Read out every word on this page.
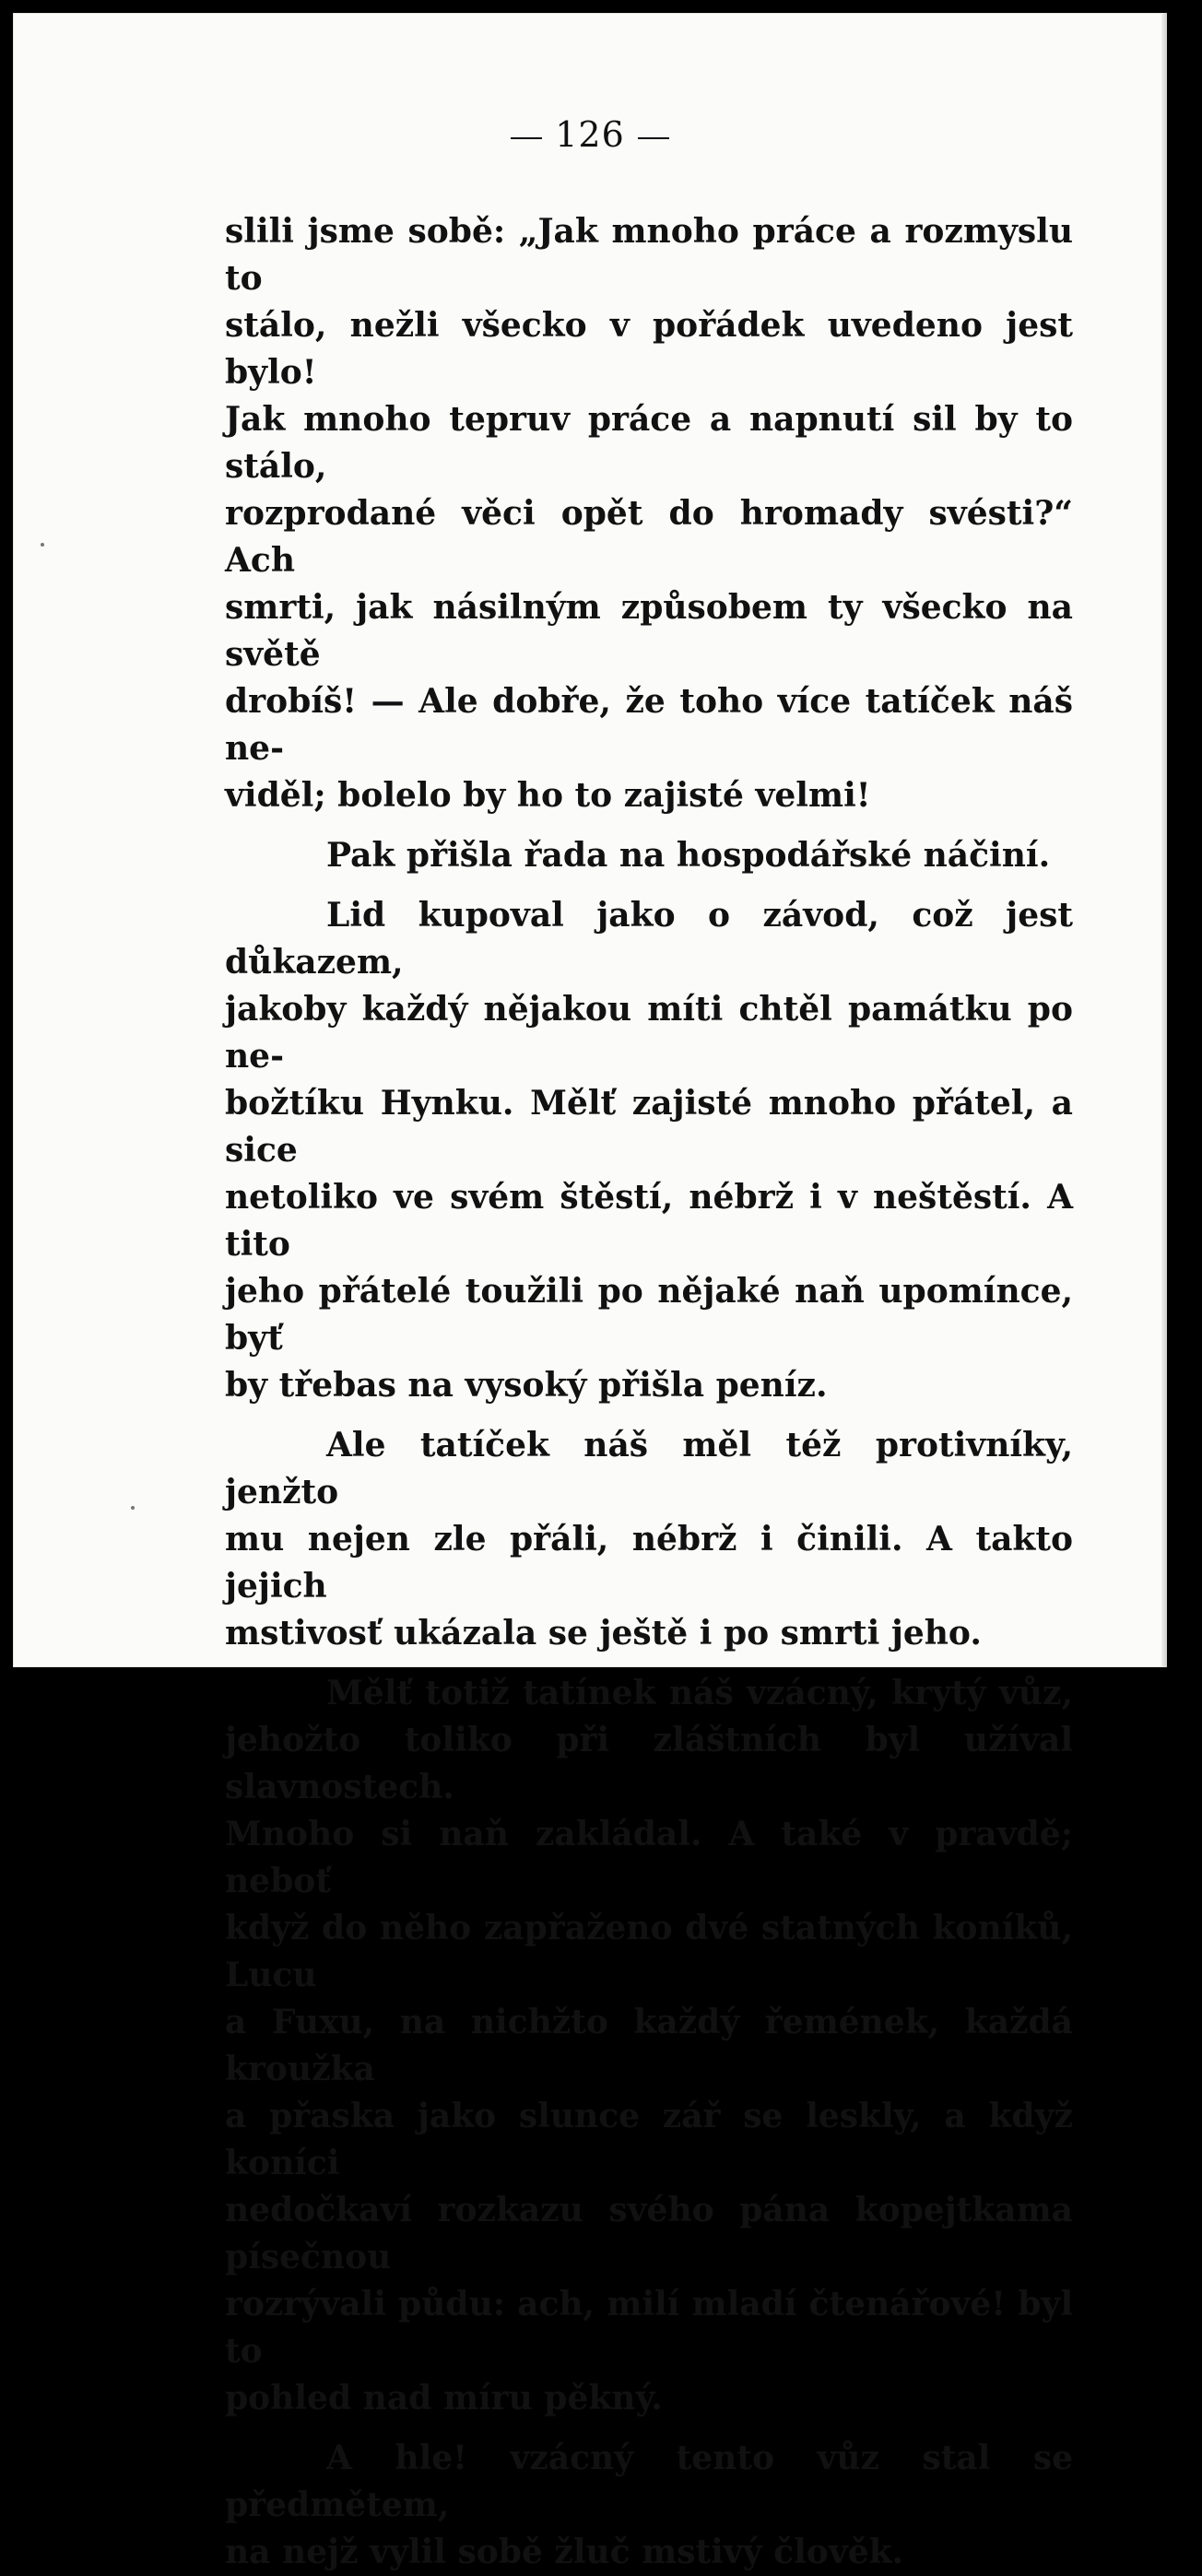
126

slili jsme sobě: „Jak mnoho práce a rozmyslu to
stálo, nežli všecko v pořádek uvedeno jest bylo!
Jak mnoho tepruv práce a napnutí sil by to stálo,
rozprodané věci opět do hromady svésti?“ Ach
smrti, jak násilným způsobem ty všecko na světě
drobíš! — Ale dobře, že toho více tatíček náš ne-
viděl; bolelo by ho to zajisté velmi!

Pak přišla řada na hospodářské náčiní.

Lid kupoval jako o závod, což jest důkazem,
jakoby každý nějakou míti chtěl památku po ne-
božtíku Hynku. Mělť zajisté mnoho přátel, a sice
netoliko ve svém štěstí, nébrž i v neštěstí. A tito
jeho přátelé toužili po nějaké naň upomínce, byť
by třebas na vysoký přišla peníz.

Ale tatíček náš měl též protivníky, jenžto
mu nejen zle přáli, nébrž i činili. A takto jejich
mstivosť ukázala se ještě i po smrti jeho.

Mělť totiž tatínek náš vzácný, krytý vůz,
jehožto toliko při zláštních byl užíval slavnostech.
Mnoho si naň zakládal. A také v pravdě; neboť
když do něho zapřaženo dvé statných koníků, Lucu
a Fuxu, na nichžto každý řemének, každá kroužka
a přaska jako slunce zář se leskly, a když koníci
nedočkaví rozkazu svého pána kopejtkama písečnou
rozrývali půdu: ach, milí mladí čtenářové! byl to
pohled nad míru pěkný.

A hle! vzácný tento vůz stal se předmětem,
na nejž vylil sobě žluč mstivý člověk.
